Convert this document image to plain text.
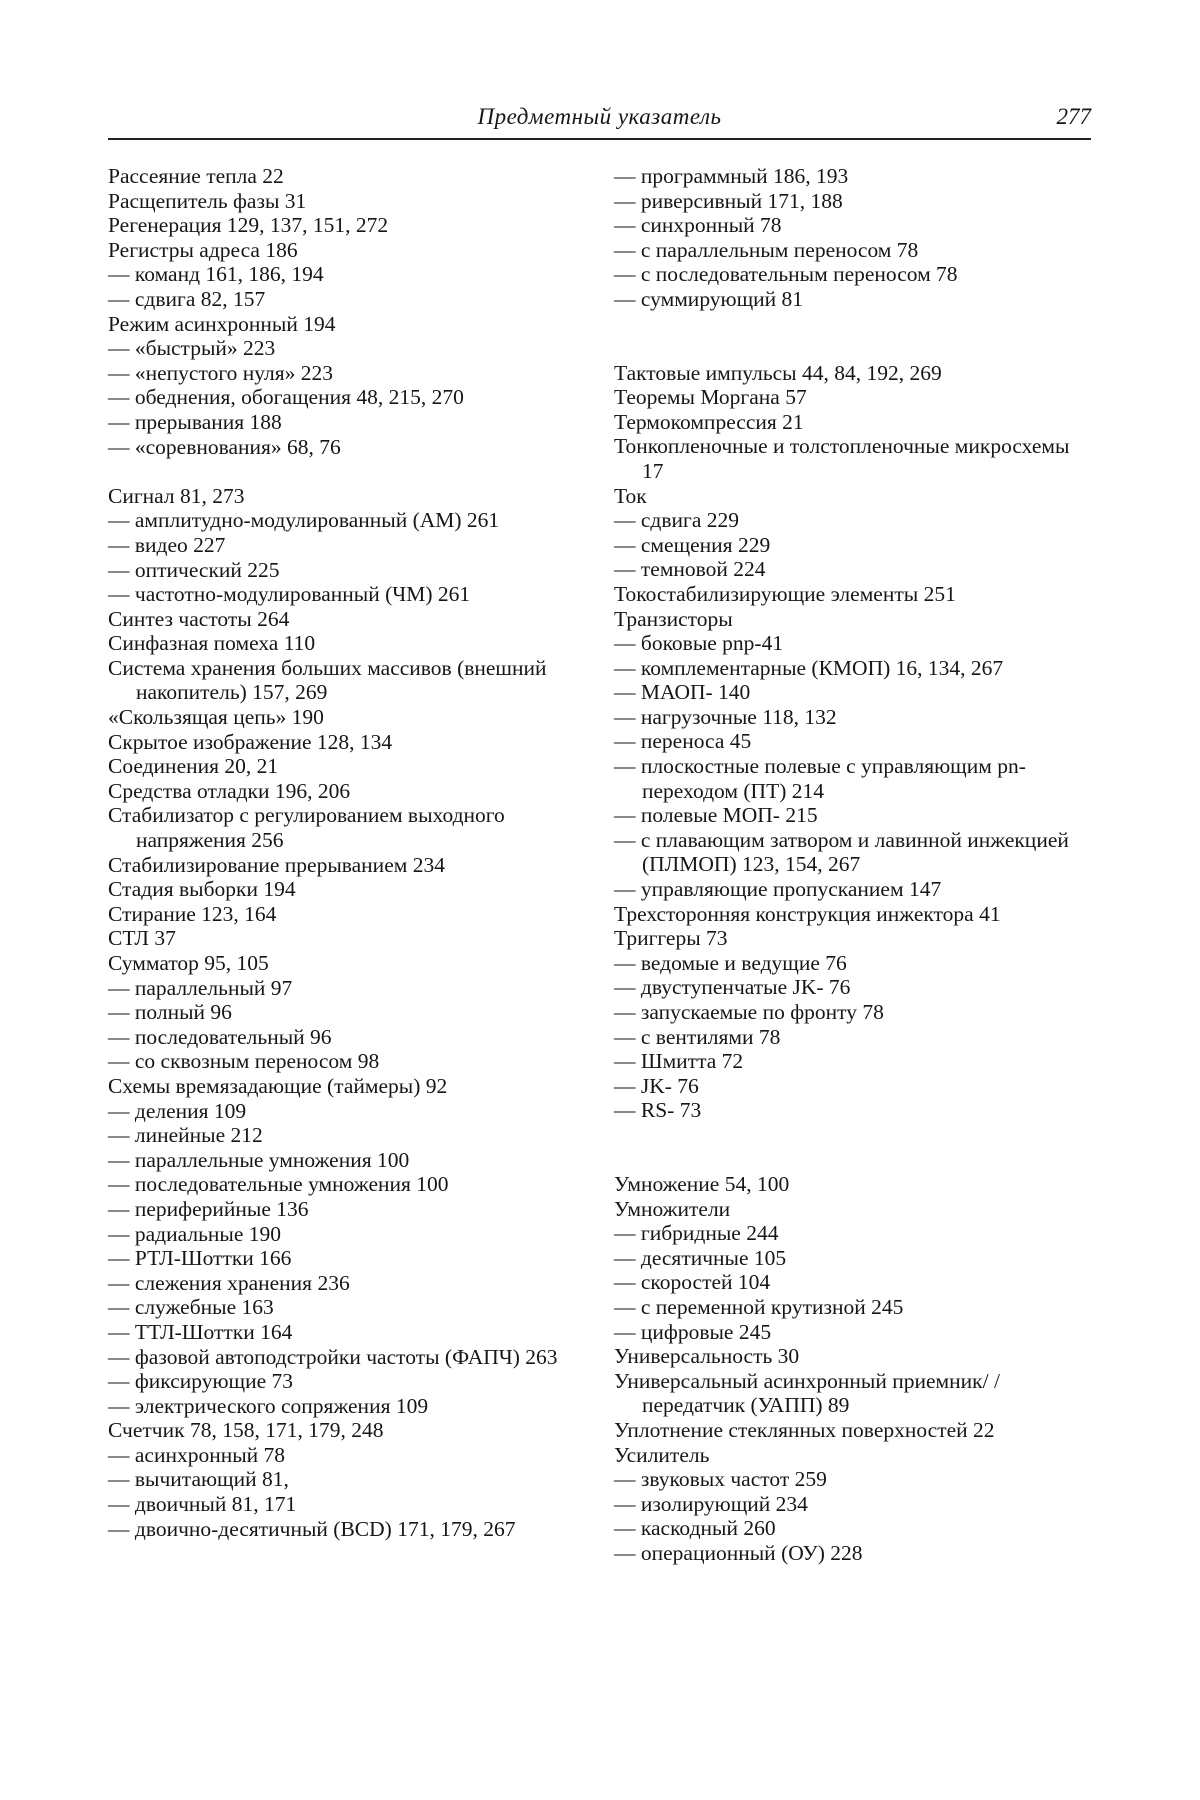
Предметный указатель	277
Рассеяние тепла 22
Расщепитель фазы 31
Регенерация 129, 137, 151, 272
Регистры адреса 186
— команд 161, 186, 194
— сдвига 82, 157
Режим асинхронный 194
— «быстрый» 223
— «непустого нуля» 223
— обеднения, обогащения 48, 215, 270
— прерывания 188
— «соревнования» 68, 76
Сигнал 81, 273
— амплитудно-модулированный (АМ) 261
— видео 227
— оптический 225
— частотно-модулированный (ЧМ) 261
Синтез частоты 264
Синфазная помеха 110
Система хранения больших массивов (внешний накопитель) 157, 269
«Скользящая цепь» 190
Скрытое изображение 128, 134
Соединения 20, 21
Средства отладки 196, 206
Стабилизатор с регулированием выходного напряжения 256
Стабилизирование прерыванием 234
Стадия выборки 194
Стирание 123, 164
СТЛ 37
Сумматор 95, 105
— параллельный 97
— полный 96
— последовательный 96
— со сквозным переносом 98
Схемы времязадающие (таймеры) 92
— деления 109
— линейные 212
— параллельные умножения 100
— последовательные умножения 100
— периферийные 136
— радиальные 190
— РТЛ-Шоттки 166
— слежения хранения 236
— служебные 163
— ТТЛ-Шоттки 164
— фазовой автоподстройки частоты (ФАПЧ) 263
— фиксирующие 73
— электрического сопряжения 109
Счетчик 78, 158, 171, 179, 248
— асинхронный 78
— вычитающий 81,
— двоичный 81, 171
— двоично-десятичный (BCD) 171, 179, 267
— программный 186, 193
— риверсивный 171, 188
— синхронный 78
— с параллельным переносом 78
— с последовательным переносом 78
— суммирующий 81
Тактовые импульсы 44, 84, 192, 269
Теоремы Моргана 57
Термокомпрессия 21
Тонкопленочные и толстопленочные микросхемы 17
Ток
— сдвига 229
— смещения 229
— темновой 224
Токостабилизирующие элементы 251
Транзисторы
— боковые pnp-41
— комплементарные (КМОП) 16, 134, 267
— МАОП- 140
— нагрузочные 118, 132
— переноса 45
— плоскостные полевые с управляющим pn-переходом (ПТ) 214
— полевые МОП- 215
— с плавающим затвором и лавинной инжекцией (ПЛМОП) 123, 154, 267
— управляющие пропусканием 147
Трехсторонняя конструкция инжектора 41
Триггеры 73
— ведомые и ведущие 76
— двуступенчатые JK- 76
— запускаемые по фронту 78
— с вентилями 78
— Шмитта 72
— JK- 76
— RS- 73
Умножение 54, 100
Умножители
— гибридные 244
— десятичные 105
— скоростей 104
— с переменной крутизной 245
— цифровые 245
Универсальность 30
Универсальный асинхронный приемник/ /передатчик (УАПП) 89
Уплотнение стеклянных поверхностей 22
Усилитель
— звуковых частот 259
— изолирующий 234
— каскодный 260
— операционный (ОУ) 228
